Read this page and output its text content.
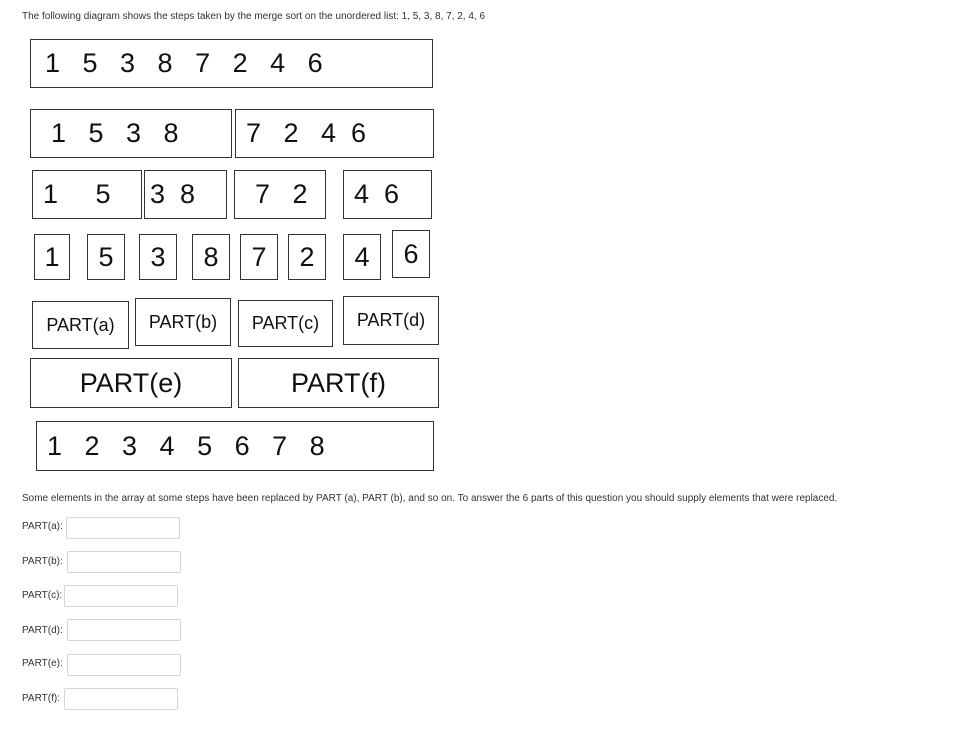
The following diagram shows the steps taken by the merge sort on the unordered list: 1, 5, 3, 8, 7, 2, 4, 6
1   5   3   8   7   2   4   6
1   5   3   8	7   2   4  6
1     5	3  8	7   2	4  6
1	5	3	8	7	2	4	6
PART(a)	PART(b)	PART(c)	PART(d)
PART(e)	PART(f)
1   2   3   4   5   6   7   8
Some elements in the array at some steps have been replaced by PART (a), PART (b), and so on. To answer the 6 parts of this question you should supply elements that were replaced.
PART(a):
PART(b):
PART(c):
PART(d):
PART(e):
PART(f):
